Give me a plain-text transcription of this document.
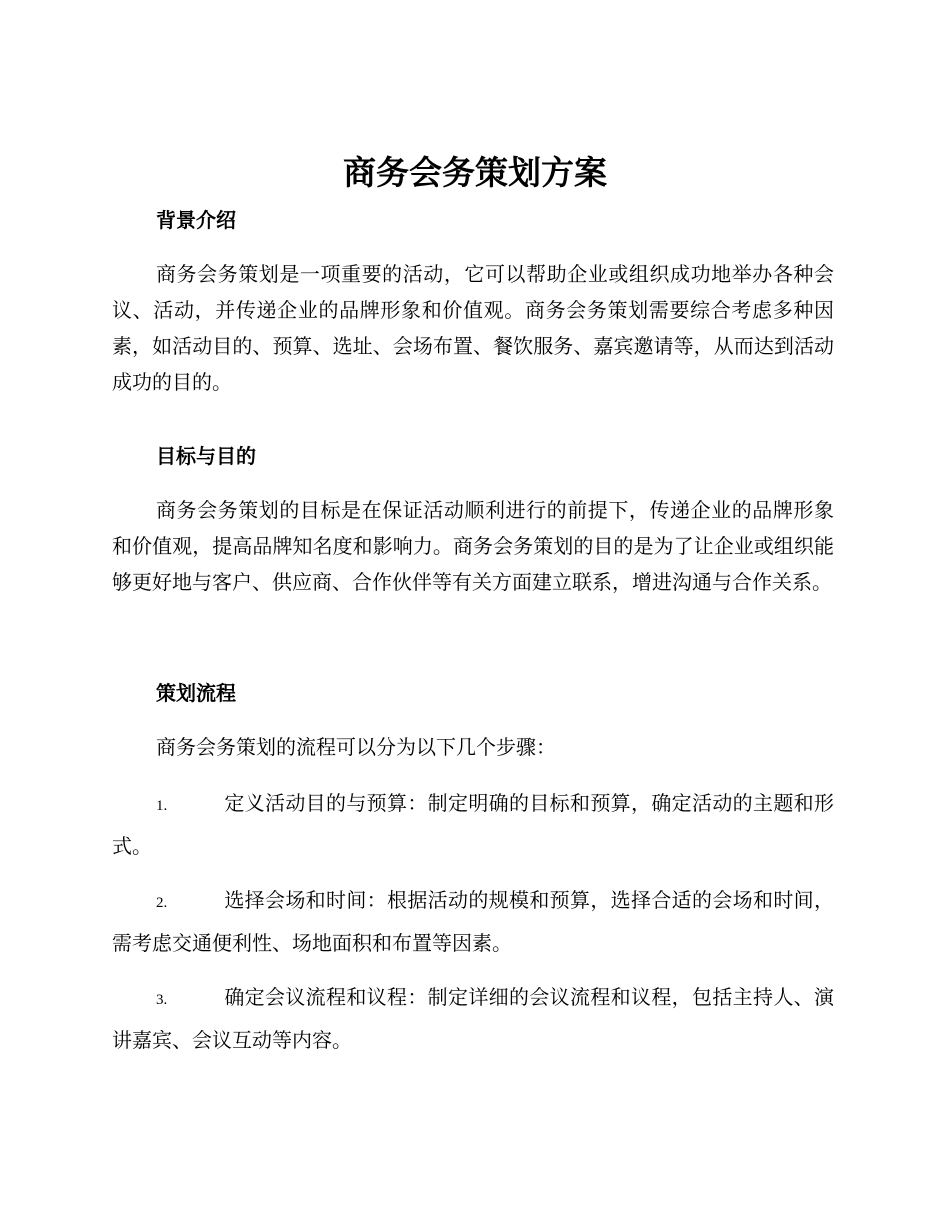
商务会务策划方案
背景介绍

商务会务策划是一项重要的活动，它可以帮助企业或组织成功地举办各种会议、活动，并传递企业的品牌形象和价值观。商务会务策划需要综合考虑多种因素，如活动目的、预算、选址、会场布置、餐饮服务、嘉宾邀请等，从而达到活动成功的目的。

目标与目的

商务会务策划的目标是在保证活动顺利进行的前提下，传递企业的品牌形象和价值观，提高品牌知名度和影响力。商务会务策划的目的是为了让企业或组织能够更好地与客户、供应商、合作伙伴等有关方面建立联系，增进沟通与合作关系。

策划流程

商务会务策划的流程可以分为以下几个步骤：

1.	定义活动目的与预算：制定明确的目标和预算，确定活动的主题和形式。

2.	选择会场和时间：根据活动的规模和预算，选择合适的会场和时间，需考虑交通便利性、场地面积和布置等因素。

3.	确定会议流程和议程：制定详细的会议流程和议程，包括主持人、演讲嘉宾、会议互动等内容。
